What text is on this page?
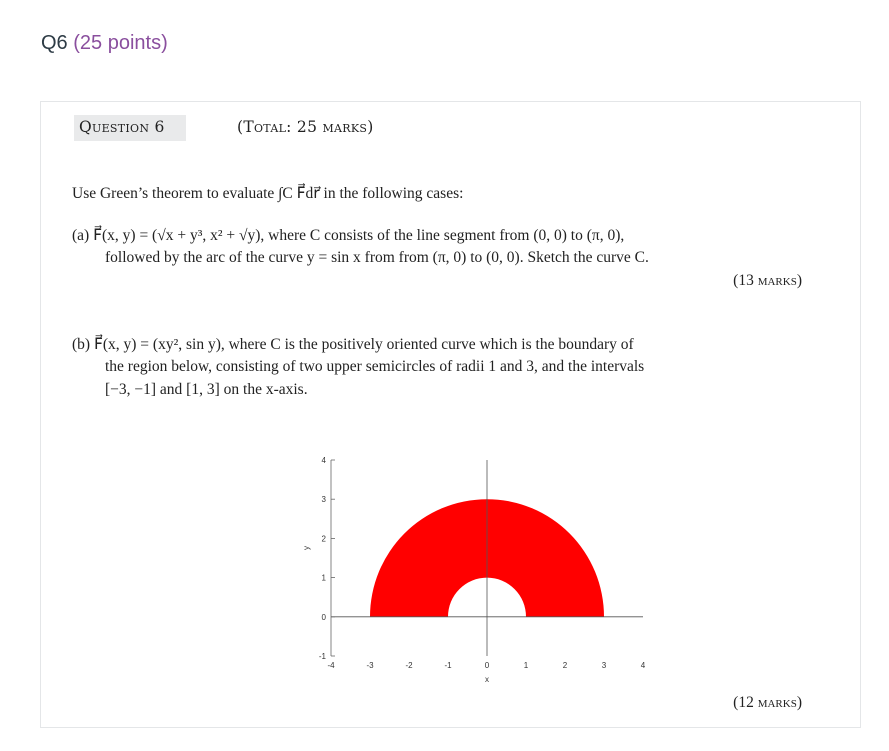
Q6 (25 points)
Question 6	(Total: 25 marks)
Use Green’s theorem to evaluate ∫C F⃗dr⃗ in the following cases:
(a) F⃗(x, y) = (√x + y³, x² + √y), where C consists of the line segment from (0, 0) to (π, 0),
followed by the arc of the curve y = sin x from from (π, 0) to (0, 0). Sketch the curve C.
(13 marks)
(b) F⃗(x, y) = (xy², sin y), where C is the positively oriented curve which is the boundary of
the region below, consisting of two upper semicircles of radii 1 and 3, and the intervals
[−3, −1] and [1, 3] on the x-axis.
-1
0
1
2
3
4
-4	-3	-2	-1	0	1	2	3	4
x
y
(12 marks)
